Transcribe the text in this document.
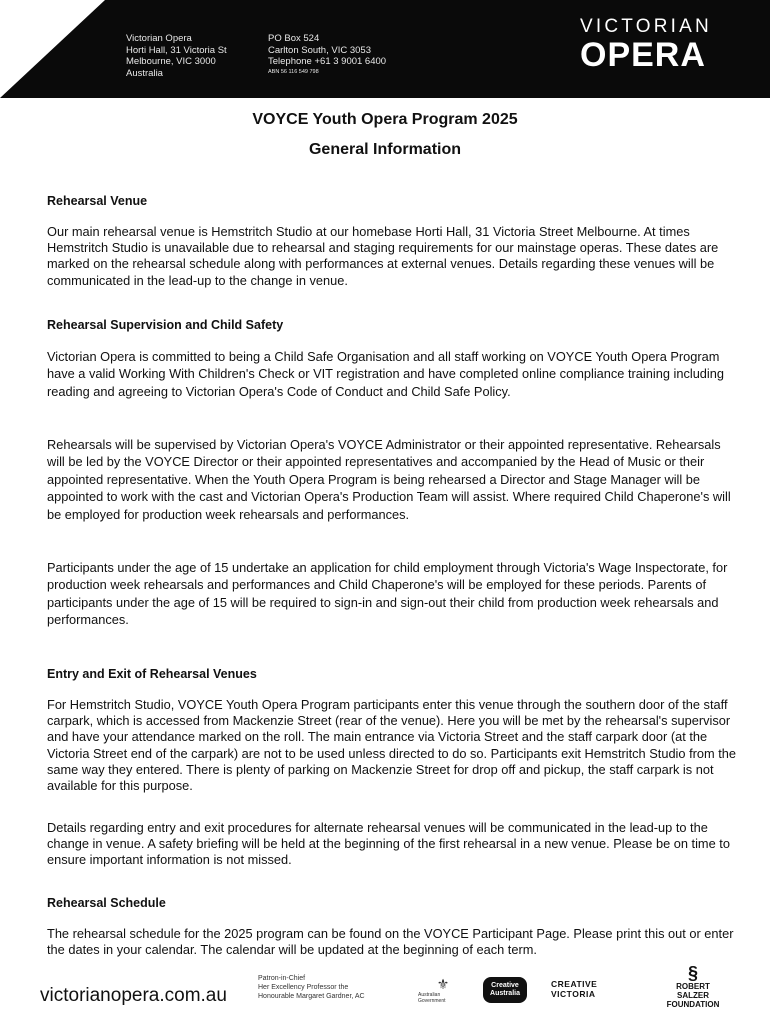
Victorian Opera
Horti Hall, 31 Victoria St
Melbourne, VIC 3000
Australia
PO Box 524
Carlton South, VIC 3053
Telephone +61 3 9001 6400
ABN 56 116 549 798
VICTORIAN
OPERA
VOYCE Youth Opera Program 2025
General Information
Rehearsal Venue
Our main rehearsal venue is Hemstritch Studio at our homebase Horti Hall, 31 Victoria Street Melbourne. At times Hemstritch Studio is unavailable due to rehearsal and staging requirements for our mainstage operas. These dates are marked on the rehearsal schedule along with performances at external venues. Details regarding these venues will be communicated in the lead-up to the change in venue.
Rehearsal Supervision and Child Safety
Victorian Opera is committed to being a Child Safe Organisation and all staff working on VOYCE Youth Opera Program have a valid Working With Children's Check or VIT registration and have completed online compliance training including reading and agreeing to Victorian Opera's Code of Conduct and Child Safe Policy.
Rehearsals will be supervised by Victorian Opera's VOYCE Administrator or their appointed representative. Rehearsals will be led by the VOYCE Director or their appointed representatives and accompanied by the Head of Music or their appointed representative. When the Youth Opera Program is being rehearsed a Director and Stage Manager will be appointed to work with the cast and Victorian Opera's Production Team will assist. Where required Child Chaperone's will be employed for production week rehearsals and performances.
Participants under the age of 15 undertake an application for child employment through Victoria's Wage Inspectorate, for production week rehearsals and performances and Child Chaperone's will be employed for these periods. Parents of participants under the age of 15 will be required to sign-in and sign-out their child from production week rehearsals and performances.
Entry and Exit of Rehearsal Venues
For Hemstritch Studio, VOYCE Youth Opera Program participants enter this venue through the southern door of the staff carpark, which is accessed from Mackenzie Street (rear of the venue). Here you will be met by the rehearsal's supervisor and have your attendance marked on the roll. The main entrance via Victoria Street and the staff carpark door (at the Victoria Street end of the carpark) are not to be used unless directed to do so. Participants exit Hemstritch Studio from the same way they entered. There is plenty of parking on Mackenzie Street for drop off and pickup, the staff carpark is not available for this purpose.
Details regarding entry and exit procedures for alternate rehearsal venues will be communicated in the lead-up to the change in venue. A safety briefing will be held at the beginning of the first rehearsal in a new venue. Please be on time to ensure important information is not missed.
Rehearsal Schedule
The rehearsal schedule for the 2025 program can be found on the VOYCE Participant Page. Please print this out or enter the dates in your calendar. The calendar will be updated at the beginning of each term.
victorianopera.com.au
Patron-in-Chief
Her Excellency Professor the
Honourable Margaret Gardner, AC
⚜
Australian Government
Creative
Australia
CREATIVE VICTORIA
§
ROBERT
SALZER
FOUNDATION
